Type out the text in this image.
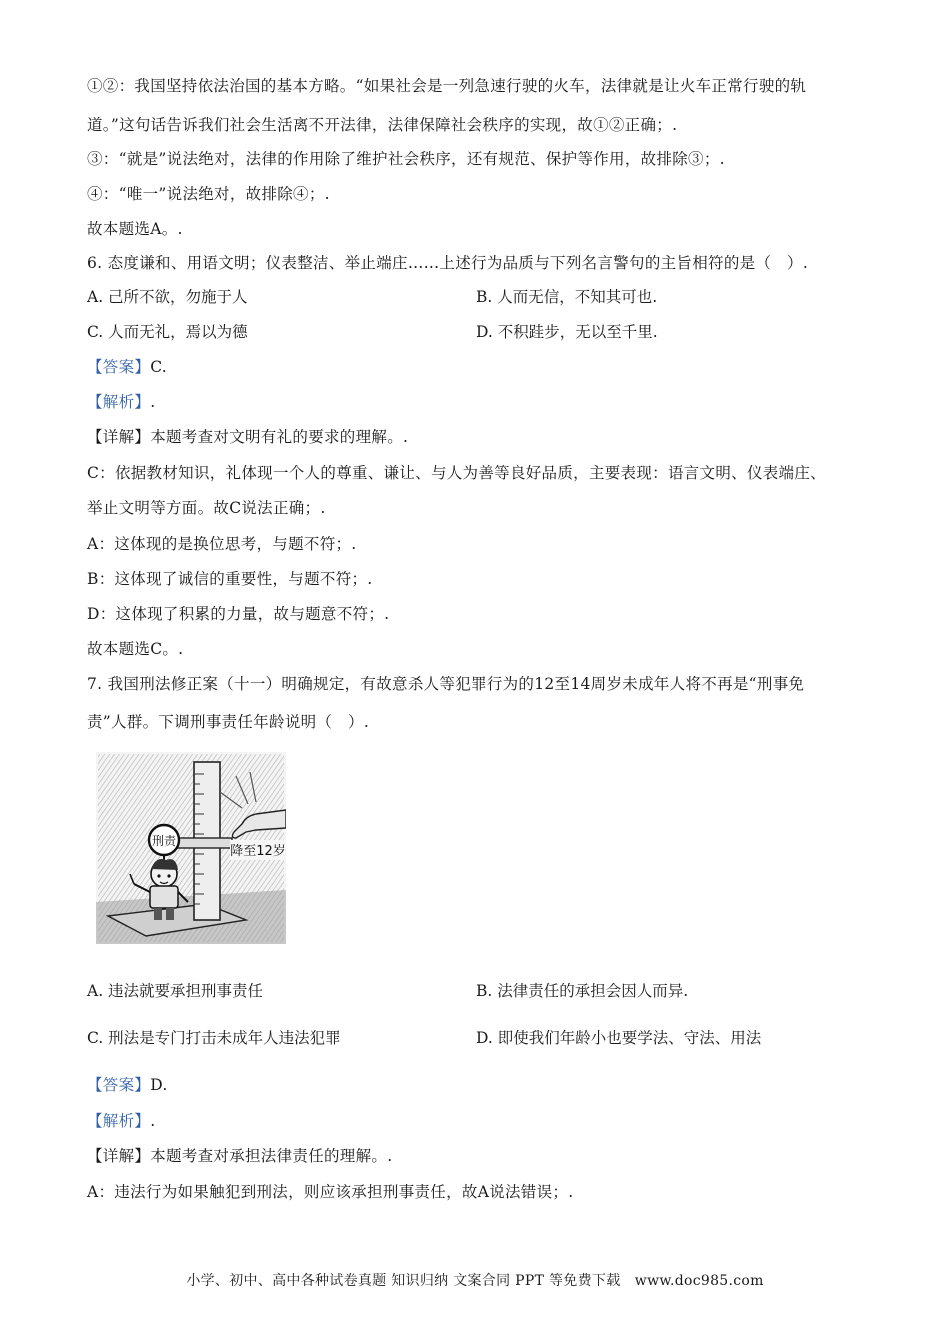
①②：我国坚持依法治国的基本方略。“如果社会是一列急速行驶的火车，法律就是让火车正常行驶的轨
道。”这句话告诉我们社会生活离不开法律，法律保障社会秩序的实现，故①②正确；.
③：“就是”说法绝对，法律的作用除了维护社会秩序，还有规范、保护等作用，故排除③；.
④：“唯一”说法绝对，故排除④；.
故本题选A。.
6. 态度谦和、用语文明；仪表整洁、举止端庄……上述行为品质与下列名言警句的主旨相符的是（　）.
A. 己所不欲，勿施于人	B. 人而无信，不知其可也.
C. 人而无礼，焉以为德	D. 不积跬步，无以至千里.
【答案】C.
【解析】.
【详解】本题考查对文明有礼的要求的理解。.
C：依据教材知识，礼体现一个人的尊重、谦让、与人为善等良好品质，主要表现：语言文明、仪表端庄、
举止文明等方面。故C说法正确；.
A：这体现的是换位思考，与题不符；.
B：这体现了诚信的重要性，与题不符；.
D：这体现了积累的力量，故与题意不符；.
故本题选C。.
7. 我国刑法修正案（十一）明确规定，有故意杀人等犯罪行为的12至14周岁未成年人将不再是“刑事免
责”人群。下调刑事责任年龄说明（　）.
刑责
降至12岁
A. 违法就要承担刑事责任	B. 法律责任的承担会因人而异.
C. 刑法是专门打击未成年人违法犯罪	D. 即使我们年龄小也要学法、守法、用法
【答案】D.
【解析】.
【详解】本题考查对承担法律责任的理解。.
A：违法行为如果触犯到刑法，则应该承担刑事责任，故A说法错误；.
小学、初中、高中各种试卷真题 知识归纳 文案合同 PPT 等免费下载　www.doc985.com
